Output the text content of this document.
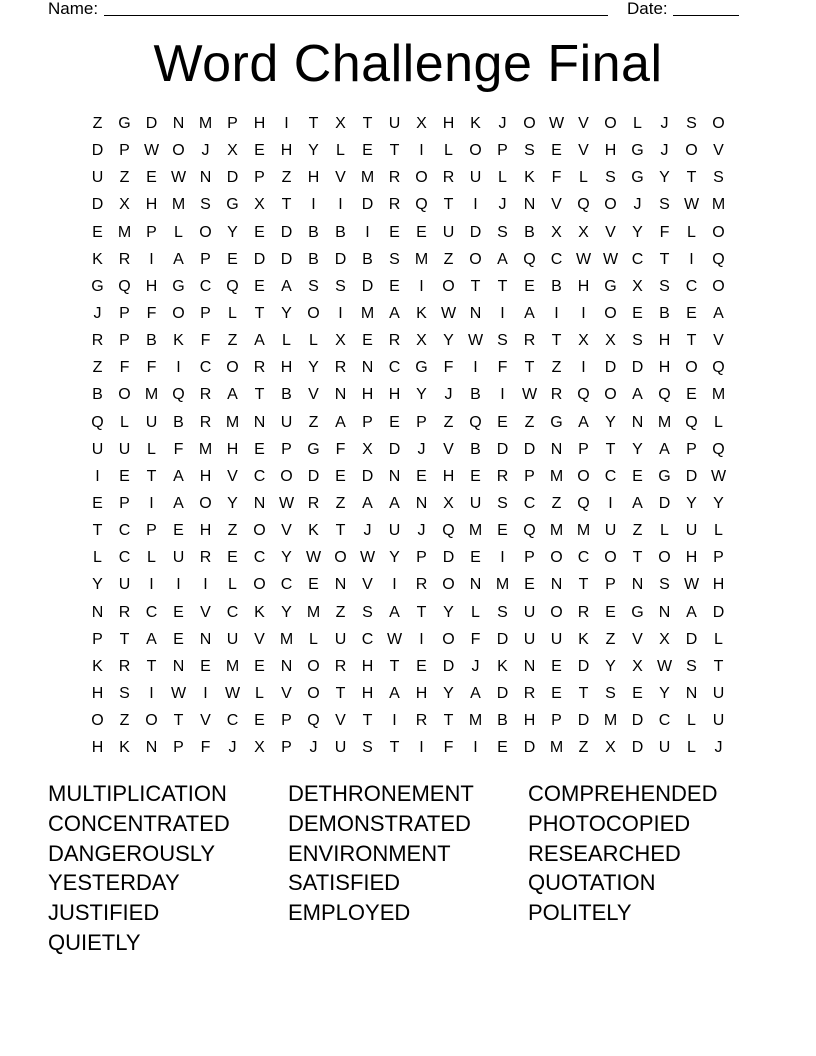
Name:	Date:
Word Challenge Final
Z G D N M P H	I	T	X	T	U X H K	J	O W V O	L	J	S O
D P W O	J	X	E H Y	L	E	T	I	L	O P	S	E	V H G	J	O V
U	Z	E W N D P	Z	H V M R O R U	L	K	F	L	S G Y	T	S
D X H M S G X	T	I	I	D R Q T	I	J	N V Q O	J	S W M
E M P	L	O Y	E D B	B	I	E	E U D S	B	X	X	V	Y	F	L	O
K R	I	A	P	E D D B D B	S M Z O A Q C W W C	T	I	Q
G Q H G C Q E	A	S	S D E	I	O T	T	E	B H G X	S C O
J	P	F O P	L	T	Y O	I	M A	K W N	I	A	I	I	O E	B	E	A
R P	B	K	F	Z	A	L	L	X	E R X	Y W S R	T	X	X	S H	T	V
Z	F	F	I	C O R H Y R N C G F	I	F	T	Z	I	D D H O Q
B O M Q R A	T	B	V N H H Y	J	B	I	W R Q O A Q E M
Q	L	U B R M N U	Z	A	P	E	P	Z Q E	Z G A	Y N M Q	L
U U	L	F M H E	P G F	X D	J	V	B D D N P	T	Y	A	P Q
I	E	T	A H V C O D E D N E H E R P M O C E G D W
E	P	I	A O Y N W R	Z	A	A N X U S C	Z Q	I	A D Y	Y
T	C P	E H	Z O V	K	T	J	U	J	Q M E Q M M U	Z	L	U	L
L	C	L	U R E C Y W O W Y	P D E	I	P O C O T O H P
Y U	I	I	I	L	O C E N V	I	R O N M E N	T	P N S W H
N R C E	V C K	Y M Z	S	A	T	Y	L	S U O R E G N A D
P	T	A	E N U V M L	U C W	I	O F	D U U K	Z	V	X D	L
K R	T	N E M E N O R H	T	E D	J	K N E D Y	X W S	T
H S	I	W	I	W L	V O T	H A H Y	A D R E	T	S	E	Y N U
O Z O T	V C E	P Q V	T	I	R	T M B H P D M D C	L	U
H K N P	F	J	X	P	J	U S	T	I	F	I	E D M Z	X D U	L	J
MULTIPLICATION	DETHRONEMENT	COMPREHENDED
CONCENTRATED	DEMONSTRATED	PHOTOCOPIED
DANGEROUSLY	ENVIRONMENT	RESEARCHED
YESTERDAY	SATISFIED	QUOTATION
JUSTIFIED	EMPLOYED	POLITELY
QUIETLY
